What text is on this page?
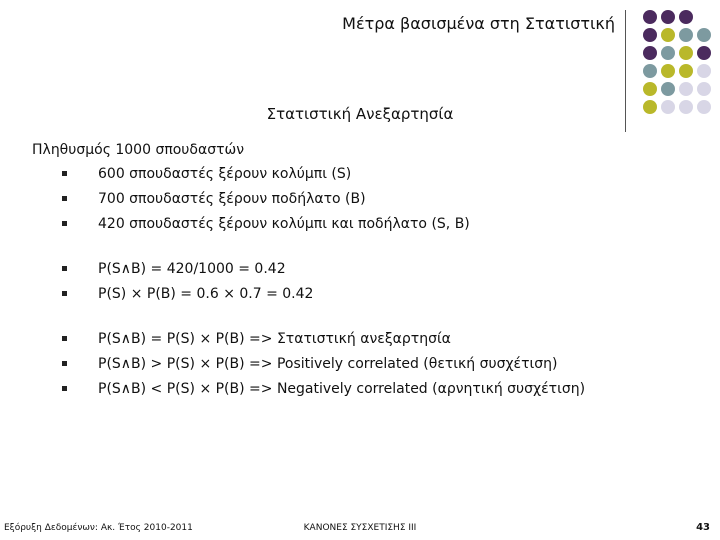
Μέτρα βασισμένα στη Στατιστική
Στατιστική Ανεξαρτησία
Πληθυσμός 1000 σπουδαστών
600 σπουδαστές ξέρουν κολύμπι (S)
700 σπουδαστές ξέρουν ποδήλατο (B)
420 σπουδαστές ξέρουν κολύμπι και ποδήλατο (S, B)
P(S∧B) = 420/1000 = 0.42
P(S) × P(B) = 0.6 × 0.7 = 0.42
P(S∧B) = P(S) × P(B) => Στατιστική ανεξαρτησία
P(S∧B) > P(S) × P(B) => Positively correlated (θετική συσχέτιση)
P(S∧B) < P(S) × P(B) => Negatively correlated (αρνητική συσχέτιση)
Εξόρυξη Δεδομένων: Ακ. Έτος 2010-2011	ΚΑΝΟΝΕΣ ΣΥΣΧΕΤΙΣΗΣ ΙΙΙ	43
